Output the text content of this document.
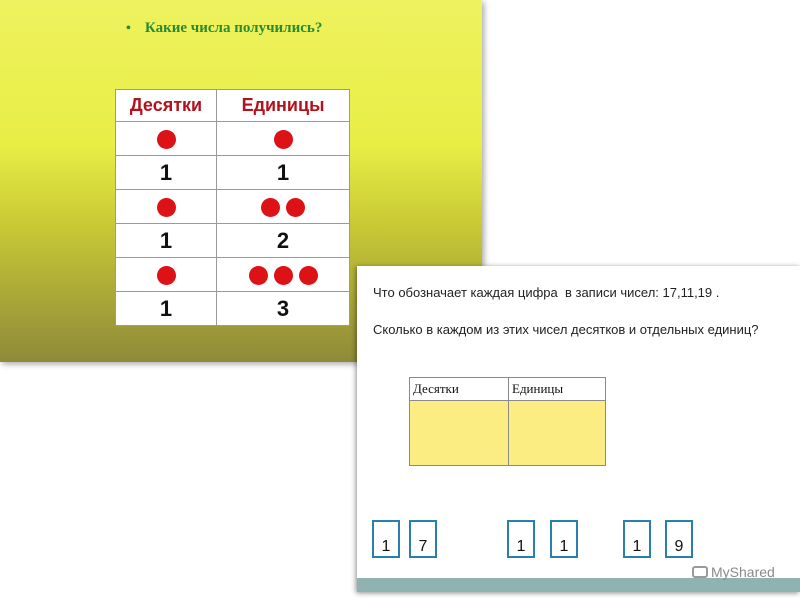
• Какие числа получились?
Десятки	Единицы

1	1

1	2

1	3
Что обозначает каждая цифра  в записи чисел: 17,11,19 .
Сколько в каждом из этих чисел десятков и отдельных единиц?
Десятки	Единицы

1	7	1	1	1	9
MyShared
